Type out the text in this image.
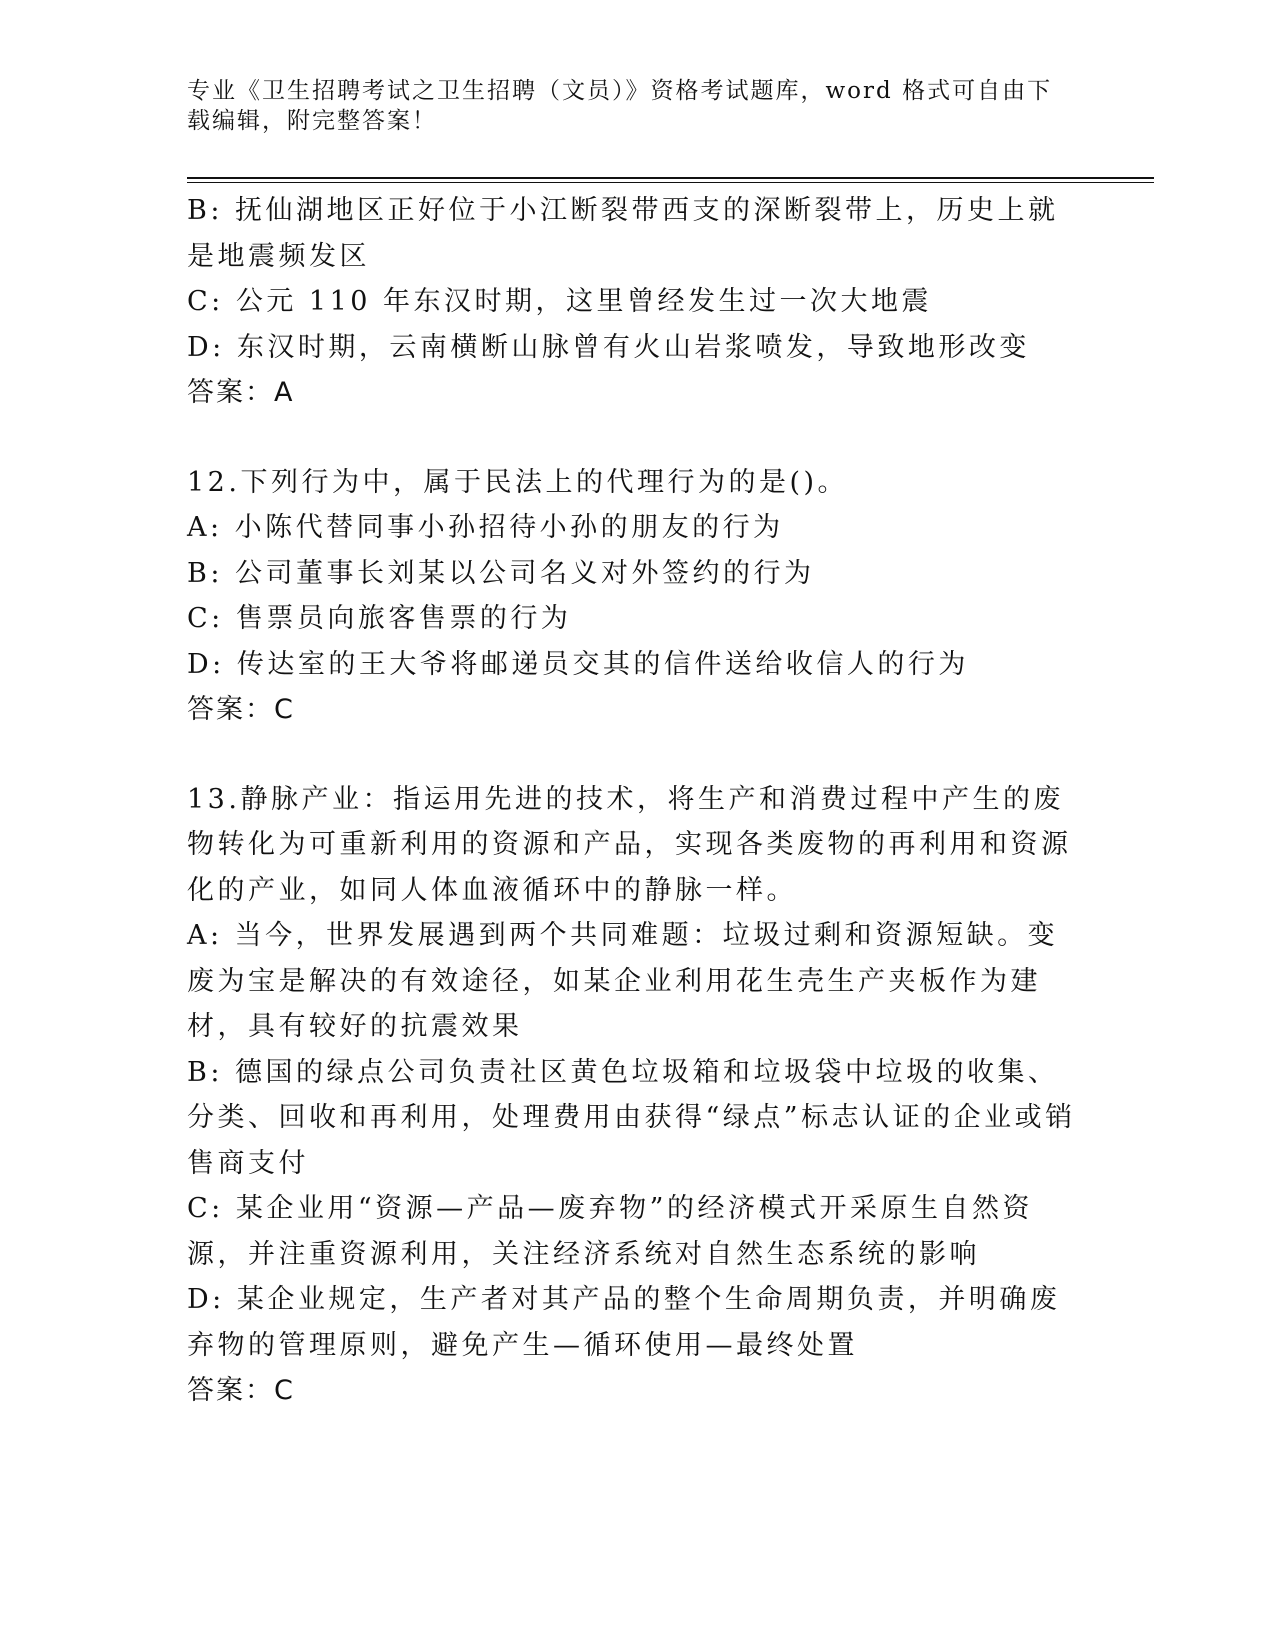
专业《卫生招聘考试之卫生招聘（文员）》资格考试题库，word 格式可自由下载编辑，附完整答案！

B: 抚仙湖地区正好位于小江断裂带西支的深断裂带上，历史上就是地震频发区

C: 公元 110 年东汉时期，这里曾经发生过一次大地震

D: 东汉时期，云南横断山脉曾有火山岩浆喷发，导致地形改变

答案：A

12.下列行为中，属于民法上的代理行为的是()。

A: 小陈代替同事小孙招待小孙的朋友的行为

B: 公司董事长刘某以公司名义对外签约的行为

C: 售票员向旅客售票的行为

D: 传达室的王大爷将邮递员交其的信件送给收信人的行为

答案：C

13.静脉产业：指运用先进的技术，将生产和消费过程中产生的废物转化为可重新利用的资源和产品，实现各类废物的再利用和资源化的产业，如同人体血液循环中的静脉一样。

A: 当今，世界发展遇到两个共同难题：垃圾过剩和资源短缺。变废为宝是解决的有效途径，如某企业利用花生壳生产夹板作为建材，具有较好的抗震效果

B: 德国的绿点公司负责社区黄色垃圾箱和垃圾袋中垃圾的收集、分类、回收和再利用，处理费用由获得“绿点”标志认证的企业或销售商支付

C: 某企业用“资源—产品—废弃物”的经济模式开采原生自然资源，并注重资源利用，关注经济系统对自然生态系统的影响

D: 某企业规定，生产者对其产品的整个生命周期负责，并明确废弃物的管理原则，避免产生—循环使用—最终处置

答案：C
